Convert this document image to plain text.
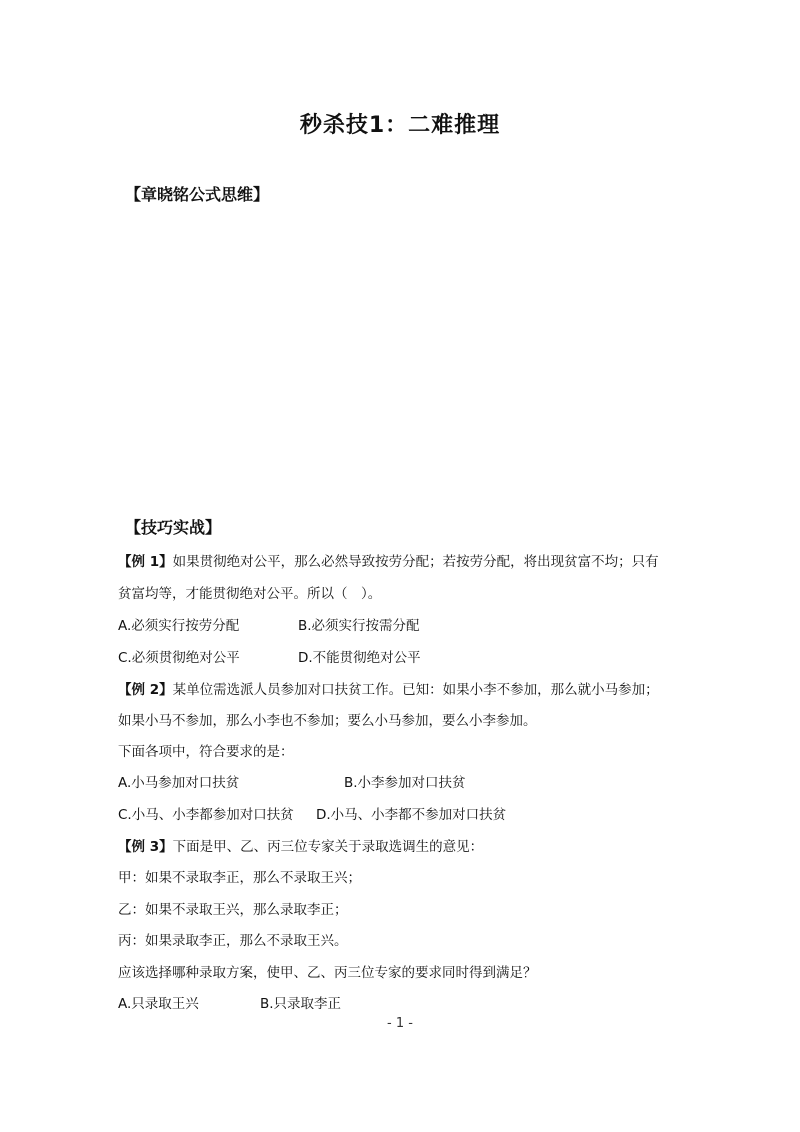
秒杀技1：二难推理
【章晓铭公式思维】
【技巧实战】
【例 1】如果贯彻绝对公平，那么必然导致按劳分配；若按劳分配，将出现贫富不均；只有
贫富均等，才能贯彻绝对公平。所以（　）。
A.必须实行按劳分配	B.必须实行按需分配
C.必须贯彻绝对公平	D.不能贯彻绝对公平
【例 2】某单位需选派人员参加对口扶贫工作。已知：如果小李不参加，那么就小马参加；
如果小马不参加，那么小李也不参加；要么小马参加，要么小李参加。
下面各项中，符合要求的是：
A.小马参加对口扶贫	B.小李参加对口扶贫
C.小马、小李都参加对口扶贫 D.小马、小李都不参加对口扶贫
【例 3】下面是甲、乙、丙三位专家关于录取选调生的意见：
甲：如果不录取李正，那么不录取王兴；
乙：如果不录取王兴，那么录取李正；
丙：如果录取李正，那么不录取王兴。
应该选择哪种录取方案，使甲、乙、丙三位专家的要求同时得到满足？
A.只录取王兴	B.只录取李正
- 1 -
